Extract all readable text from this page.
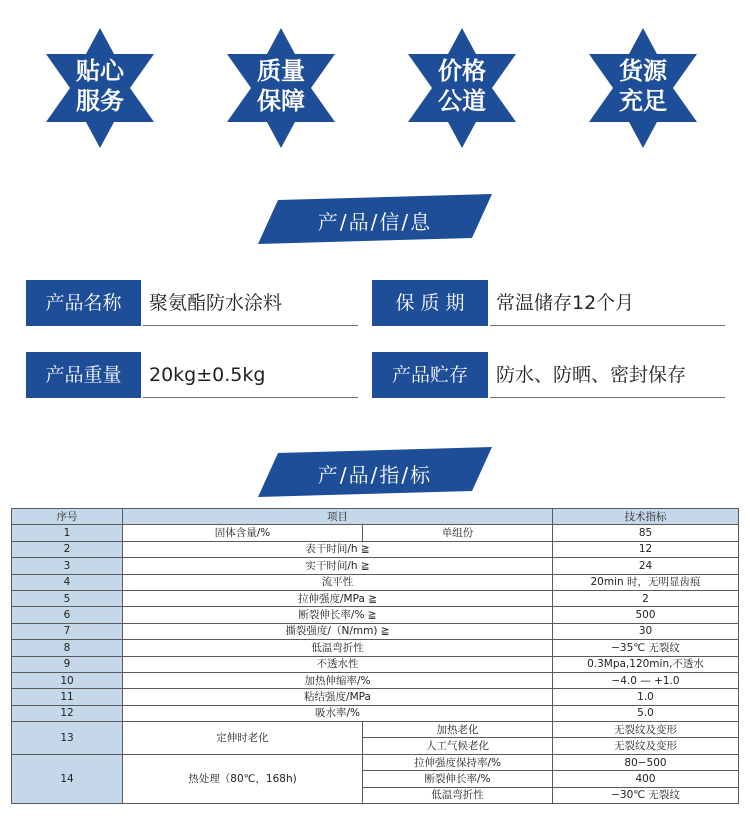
贴心
服务
质量
保障
价格
公道
货源
充足
产/品/信/息
产品名称	聚氨酯防水涂料	保 质 期	常温储存12个月
产品重量	20kg±0.5kg	产品贮存	防水、防晒、密封保存
产/品/指/标
序号	项目		技术指标
1	固体含量/%	单组份	85
2	表干时间/h ≧		12
3	实干时间/h ≧		24
4	流平性		20min 时，无明显齿痕
5	拉伸强度/MPa ≧		2
6	断裂伸长率/% ≧		500
7	撕裂强度/（N/mm) ≧		30
8	低温弯折性		−35℃ 无裂纹
9	不透水性		0.3Mpa,120min,不透水
10	加热伸缩率/%		−4.0 — +1.0
11	粘结强度/MPa		1.0
12	吸水率/%		5.0
13	定伸时老化	加热老化	无裂纹及变形
		人工气候老化	无裂纹及变形
14	热处理（80℃，168h)	拉伸强度保持率/%	80−500
		断裂伸长率/%	400
		低温弯折性	−30℃ 无裂纹
